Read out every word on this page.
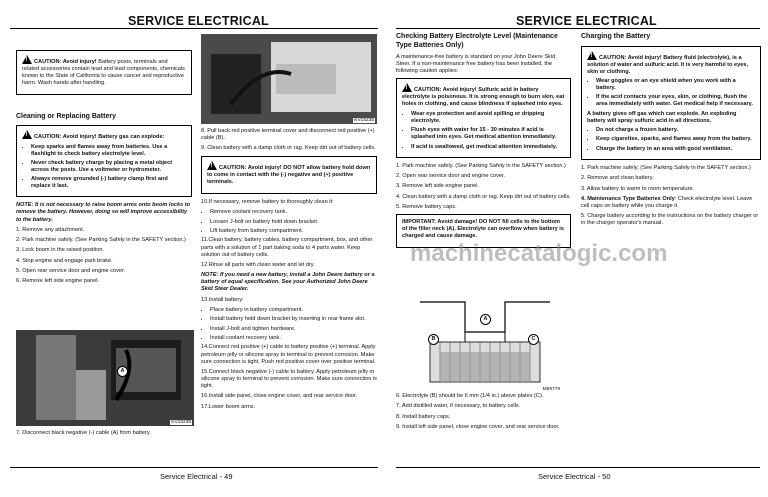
SERVICE ELECTRICAL

!CAUTION: Avoid injury! Battery posts, terminals and related accessories contain lead and lead components, chemicals known to the State of California to cause cancer and reproductive harm. Wash hands after handling.

Cleaning or Replacing Battery

!CAUTION: Avoid injury! Battery gas can explode:

• Keep sparks and flames away from batteries. Use a flashlight to check battery electrolyte level.
• Never check battery charge by placing a metal object across the posts. Use a voltmeter or hydrometer.
• Always remove grounded (-) battery clamp first and replace it last.

NOTE: It is not necessary to raise boom arms onto boom locks to remove the battery. However, doing so will improve accessibility to the battery.

1. Remove any attachment.

2. Park machine safely. (See Parking Safely in the SAFETY section.)

3. Lock boom in the raised position.

4. Stop engine and engage park brake.

5. Open rear service door and engine cover.

6. Remove left side engine panel.

A
KV15235

7. Disconnect black negative (-) cable (A) from battery.

KV15235

8. Pull back red positive terminal cover and disconnect red positive (+) cable (B).

9. Clean battery with a damp cloth or rag. Keep dirt out of battery cells.

!CAUTION: Avoid injury! DO NOT allow battery hold down to come in contact with the (-) negative and (+) positive terminals.

10.If necessary, remove battery to thoroughly clean it:

• Remove coolant recovery tank.
• Loosen J-bolt on battery hold down bracket.
• Lift battery from battery compartment.

11.Clean battery, battery cables, battery compartment, box, and other parts with a solution of 1 part baking soda to 4 parts water. Keep solution out of battery cells.

12.Rinse all parts with clean water and let dry.

NOTE: If you need a new battery, install a John Deere battery or a battery of equal specification. See your Authorized John Deere Skid Steer Dealer.

13.Install battery:

• Place battery in battery compartment.
• Install battery hold down bracket by inserting in rear frame slot.
• Install J-bolt and tighten hardware.
• Install coolant recovery tank.

14.Connect red positive (+) cable to battery positive (+) terminal. Apply petroleum jelly or silicone spray to terminal to prevent corrosion. Make sure connection is tight. Push red positive cover over positive terminal.

15.Connect black negative (-) cable to battery. Apply petroleum jelly or silicone spray to terminal to prevent corrosion. Make sure connection is tight.

16.Install side panel, close engine cover, and rear service door.

17.Lower boom arms.

Service Electrical - 49
SERVICE ELECTRICAL
Checking Battery Electrolyte Level (Maintenance Type Batteries Only)

A maintenance-free battery is standard on your John Deere Skid Steer. If a non-maintenance free battery has been installed, the following caution applies:

!CAUTION: Avoid injury! Sulfuric acid in battery electrolyte is poisonous. It is strong enough to burn skin, eat holes in clothing, and cause blindness if splashed into eyes.

• Wear eye protection and avoid spilling or dripping electrolyte.
• Flush eyes with water for 15 - 30 minutes if acid is splashed into eyes. Get medical attention immediately.
• If acid is swallowed, get medical attention immediately.

1. Park machine safely. (See Parking Safely in the SAFETY section.)

2. Open rear service door and engine cover.

3. Remove left side engine panel.

4. Clean battery with a damp cloth or rag. Keep dirt out of battery cells.

5. Remove battery caps.

IMPORTANT: Avoid damage! DO NOT fill cells to the bottom of the filler neck (A). Electrolyte can overflow when battery is charged and cause damage.

A
B	C
M89779

6. Electrolyte (B) should be 6 mm (1/4 in.) above plates (C).

7. Add distilled water, if necessary, to battery cells.

8. Install battery caps.

9. Install left side panel, close engine cover, and rear service door.

Charging the Battery

!CAUTION: Avoid injury! Battery fluid (electrolyte), is a solution of water and sulfuric acid. It is very harmful to eyes, skin or clothing.

• Wear goggles or an eye shield when you work with a battery.
• If the acid contacts your eyes, skin, or clothing, flush the area immediately with water. Get medical help if necessary.

A battery gives off gas which can explode. An exploding battery will spray sulfuric acid in all directions.

• Do not charge a frozen battery.
• Keep cigarettes, sparks, and flames away from the battery.
• Charge the battery in an area with good ventilation.

1. Park machine safely. (See Parking Safely in the SAFETY section.)

2. Remove and clean battery.

3. Allow battery to warm to room temperature.

4. Maintenance Type Batteries Only: Check electrolyte level. Leave cell caps on battery while you charge it.

5. Charge battery according to the instructions on the battery charger or in the charger operator's manual.

Service Electrical - 50
machinecatalogic.com
